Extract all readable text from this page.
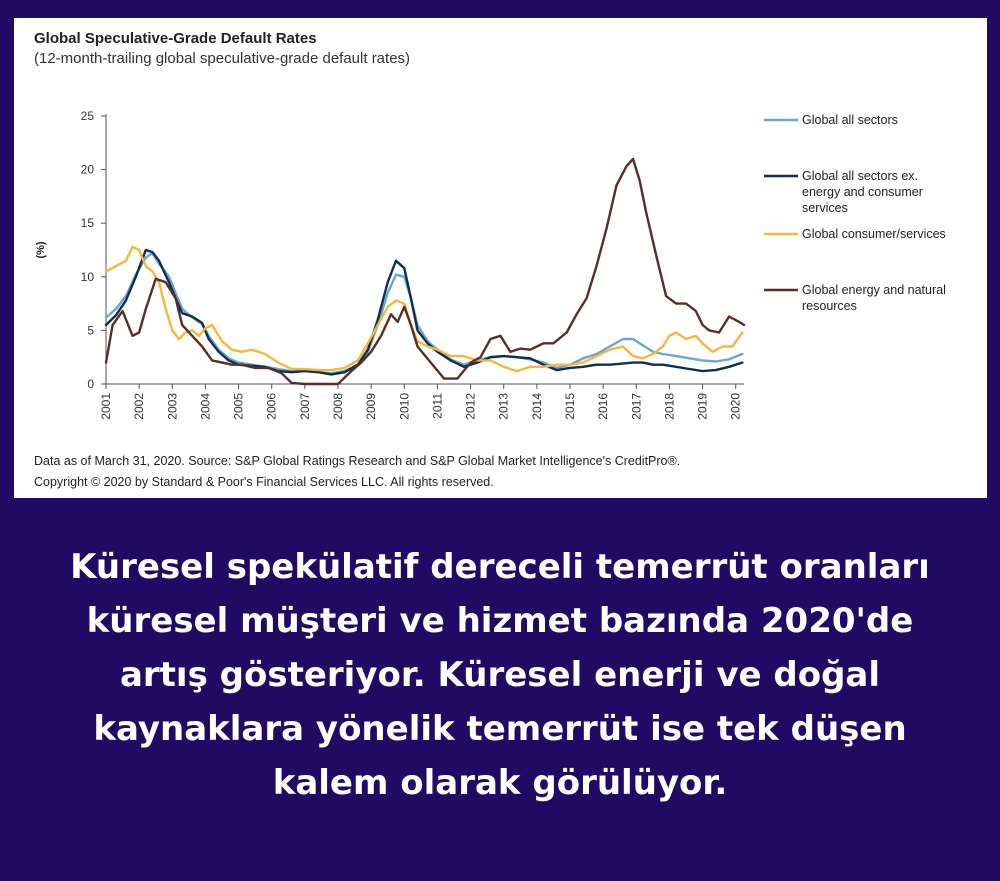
Global Speculative-Grade Default Rates
(12-month-trailing global speculative-grade default rates)
0
5
10
15
20
25
(%)
2001 2002 2003 2004 2005 2006 2007 2008 2009 2010 2011 2012 2013 2014 2015 2016 2017 2018 2019 2020
Global all sectors
Global all sectors ex.
energy and consumer
services
Global consumer/services
Global energy and natural
resources
Data as of March 31, 2020. Source: S&P Global Ratings Research and S&P Global Market Intelligence's CreditPro®.
Copyright © 2020 by Standard & Poor's Financial Services LLC. All rights reserved.
Küresel spekülatif dereceli temerrüt oranları küresel müşteri ve hizmet bazında 2020'de artış gösteriyor. Küresel enerji ve doğal kaynaklara yönelik temerrüt ise tek düşen kalem olarak görülüyor.
